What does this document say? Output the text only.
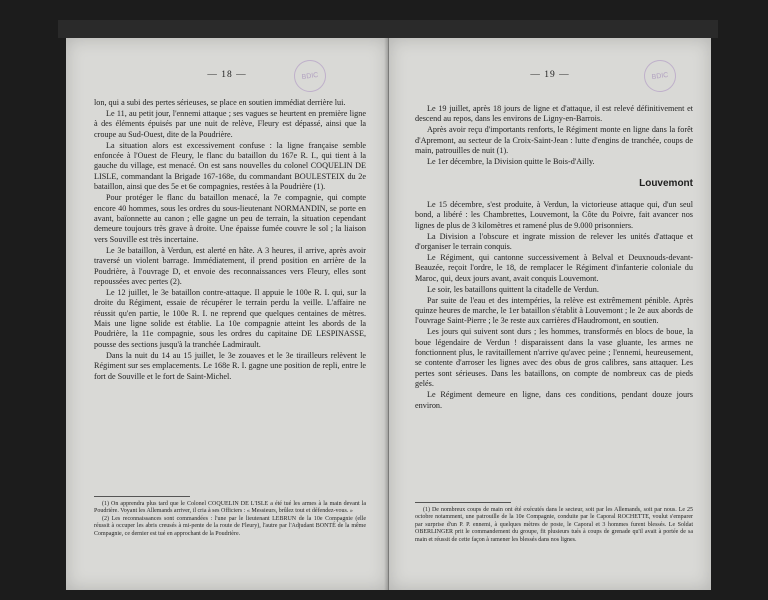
BDIC
— 18 —

lon, qui a subi des pertes sérieuses, se place en soutien immédiat derrière lui.

Le 11, au petit jour, l'ennemi attaque ; ses vagues se heurtent en première ligne à des éléments épuisés par une nuit de relève, Fleury est dépassé, ainsi que la croupe au Sud-Ouest, dite de la Poudrière.

La situation alors est excessivement confuse : la ligne française semble enfoncée à l'Ouest de Fleury, le flanc du bataillon du 167e R. I., qui tient à la gauche du village, est menacé. On est sans nouvelles du colonel COQUELIN DE LISLE, commandant la Brigade 167-168e, du commandant BOULESTEIX du 2e bataillon, ainsi que des 5e et 6e compagnies, restées à la Poudrière (1).

Pour protéger le flanc du bataillon menacé, la 7e compagnie, qui compte encore 40 hommes, sous les ordres du sous-lieutenant NORMANDIN, se porte en avant, baïonnette au canon ; elle gagne un peu de terrain, la situation cependant demeure toujours très grave à droite. Une épaisse fumée couvre le sol ; la liaison vers Souville est très incertaine.

Le 3e bataillon, à Verdun, est alerté en hâte. A 3 heures, il arrive, après avoir traversé un violent barrage. Immédiatement, il prend position en arrière de la Poudrière, à l'ouvrage D, et envoie des reconnaissances vers Fleury, elles sont repoussées avec pertes (2).

Le 12 juillet, le 3e bataillon contre-attaque. Il appuie le 100e R. I. qui, sur la droite du Régiment, essaie de récupérer le terrain perdu la veille. L'affaire ne réussit qu'en partie, le 100e R. I. ne reprend que quelques centaines de mètres. Mais une ligne solide est établie. La 10e compagnie atteint les abords de la Poudrière, la 11e compagnie, sous les ordres du capitaine DE LESPINASSE, pousse des sections jusqu'à la tranchée Ladmirault.

Dans la nuit du 14 au 15 juillet, le 3e zouaves et le 3e tirailleurs relèvent le Régiment sur ses emplacements. Le 168e R. I. gagne une position de repli, entre le fort de Souville et le fort de Saint-Michel.

(1) On apprendra plus tard que le Colonel COQUELIN DE L'ISLE a été tué les armes à la main devant la Poudrière. Voyant les Allemands arriver, il cria à ses Officiers : « Messieurs, brûlez tout et défendez-vous. »

(2) Les reconnaissances sont commandées : l'une par le lieutenant LEBRUN de la 10e Compagnie (elle réussit à occuper les abris creusés à mi-pente de la route de Fleury), l'autre par l'Adjudant BONTÉ de la même Compagnie, ce dernier est tué en approchant de la Poudrière.

BDIC
— 19 —

Le 19 juillet, après 18 jours de ligne et d'attaque, il est relevé définitivement et descend au repos, dans les environs de Ligny-en-Barrois.

Après avoir reçu d'importants renforts, le Régiment monte en ligne dans la forêt d'Apremont, au secteur de la Croix-Saint-Jean : lutte d'engins de tranchée, coups de main, patrouilles de nuit (1).

Le 1er décembre, la Division quitte le Bois-d'Ailly.

Louvemont

Le 15 décembre, s'est produite, à Verdun, la victorieuse attaque qui, d'un seul bond, a libéré : les Chambrettes, Louvemont, la Côte du Poivre, fait avancer nos lignes de plus de 3 kilomètres et ramené plus de 9.000 prisonniers.

La Division a l'obscure et ingrate mission de relever les unités d'attaque et d'organiser le terrain conquis.

Le Régiment, qui cantonne successivement à Belval et Deuxnouds-devant-Beauzée, reçoit l'ordre, le 18, de remplacer le Régiment d'infanterie coloniale du Maroc, qui, deux jours avant, avait conquis Louvemont.

Le soir, les bataillons quittent la citadelle de Verdun.

Par suite de l'eau et des intempéries, la relève est extrêmement pénible. Après quinze heures de marche, le 1er bataillon s'établit à Louvemont ; le 2e aux abords de l'ouvrage Saint-Pierre ; le 3e reste aux carrières d'Haudromont, en soutien.

Les jours qui suivent sont durs ; les hommes, transformés en blocs de boue, la boue légendaire de Verdun ! disparaissent dans la vase gluante, les armes ne fonctionnent plus, le ravitaillement n'arrive qu'avec peine ; l'ennemi, heureusement, se contente d'arroser les lignes avec des obus de gros calibres, sans attaquer. Les pertes sont sérieuses. Dans les bataillons, on compte de nombreux cas de pieds gelés.

Le Régiment demeure en ligne, dans ces conditions, pendant douze jours environ.

(1) De nombreux coups de main ont été exécutés dans le secteur, soit par les Allemands, soit par nous. Le 25 octobre notamment, une patrouille de la 10e Compagnie, conduite par le Caporal ROCHETTE, voulut s'emparer par surprise d'un P. P. ennemi, à quelques mètres de poste, le Caporal et 3 hommes furent blessés. Le Soldat OBERLINGER prit le commandement du groupe, fit plusieurs tués à coups de grenade qu'il avait à portée de sa main et réussit de cette façon à ramener les blessés dans nos lignes.
